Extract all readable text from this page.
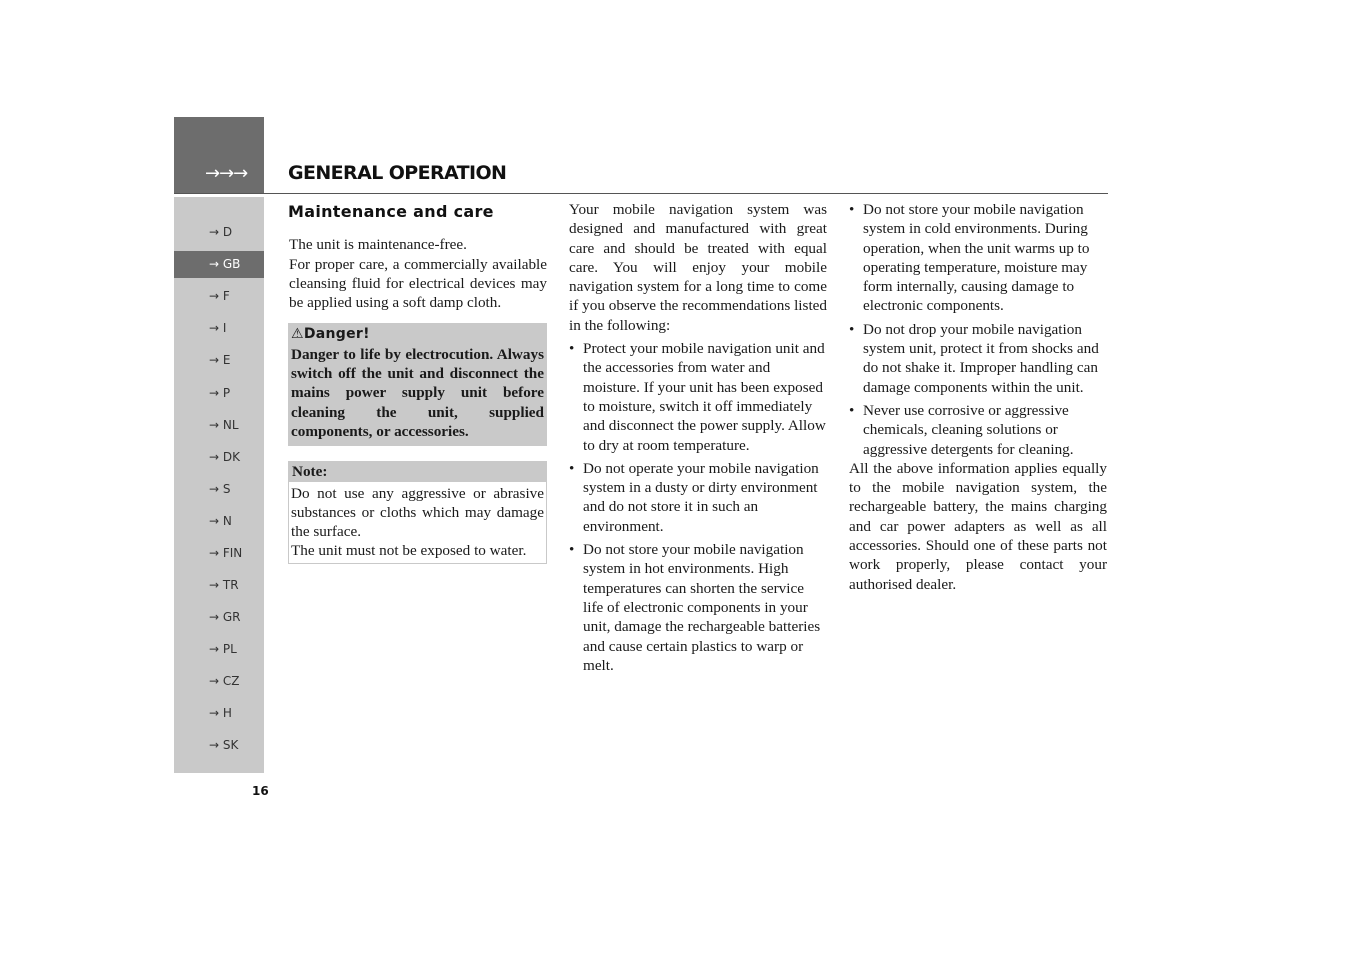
→→→ GENERAL OPERATION
→ D
→ GB
→ F
→ I
→ E
→ P
→ NL
→ DK
→ S
→ N
→ FIN
→ TR
→ GR
→ PL
→ CZ
→ H
→ SK
16
Maintenance and care

The unit is maintenance-free.

For proper care, a commercially available cleansing fluid for electrical devices may be applied using a soft damp cloth.

⚠Danger!
Danger to life by electrocution. Always switch off the unit and disconnect the mains power supply unit before cleaning the unit, supplied components, or accessories.
Note:

Do not use any aggressive or abrasive substances or cloths which may damage the surface.

The unit must not be exposed to water.

Your mobile navigation system was designed and manufactured with great care and should be treated with equal care. You will enjoy your mobile navigation system for a long time to come if you observe the recommendations listed in the following:

• Protect your mobile navigation unit and the accessories from water and moisture. If your unit has been exposed to moisture, switch it off immediately and disconnect the power supply. Allow to dry at room temperature.
• Do not operate your mobile navigation system in a dusty or dirty environment and do not store it in such an environment.
• Do not store your mobile navigation system in hot environments. High temperatures can shorten the service life of electronic components in your unit, damage the rechargeable batteries and cause certain plastics to warp or melt.
• Do not store your mobile navigation system in cold environments. During operation, when the unit warms up to operating temperature, moisture may form internally, causing damage to electronic components.
• Do not drop your mobile navigation system unit, protect it from shocks and do not shake it. Improper handling can damage components within the unit.
• Never use corrosive or aggressive chemicals, cleaning solutions or aggressive detergents for cleaning.

All the above information applies equally to the mobile navigation system, the rechargeable battery, the mains charging and car power adapters as well as all accessories. Should one of these parts not work properly, please contact your authorised dealer.
